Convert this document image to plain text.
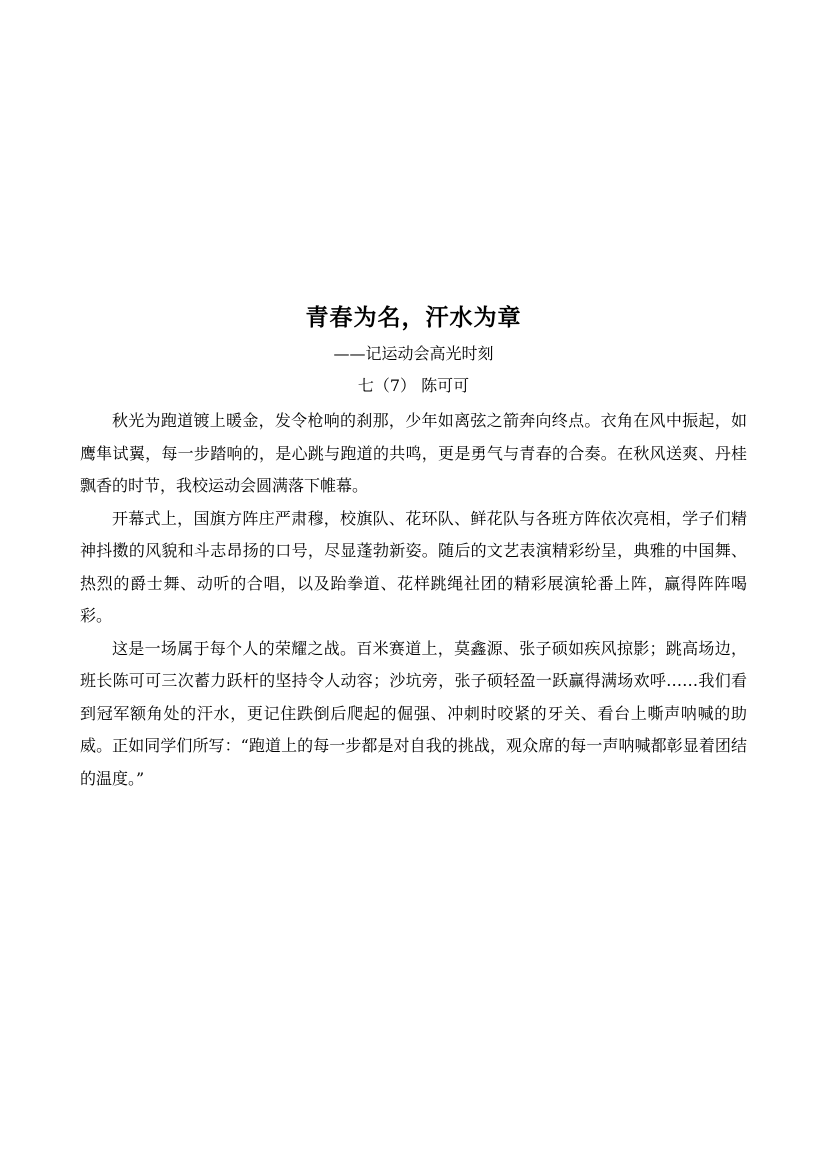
青春为名，汗水为章
——记运动会高光时刻
七（7） 陈可可

秋光为跑道镀上暖金，发令枪响的刹那，少年如离弦之箭奔向终点。衣角在风中振起，如鹰隼试翼，每一步踏响的，是心跳与跑道的共鸣，更是勇气与青春的合奏。在秋风送爽、丹桂飘香的时节，我校运动会圆满落下帷幕。

开幕式上，国旗方阵庄严肃穆，校旗队、花环队、鲜花队与各班方阵依次亮相，学子们精神抖擞的风貌和斗志昂扬的口号，尽显蓬勃新姿。随后的文艺表演精彩纷呈，典雅的中国舞、热烈的爵士舞、动听的合唱，以及跆拳道、花样跳绳社团的精彩展演轮番上阵，赢得阵阵喝彩。

这是一场属于每个人的荣耀之战。百米赛道上，莫鑫源、张子硕如疾风掠影；跳高场边，班长陈可可三次蓄力跃杆的坚持令人动容；沙坑旁，张子硕轻盈一跃赢得满场欢呼……我们看到冠军额角处的汗水，更记住跌倒后爬起的倔强、冲刺时咬紧的牙关、看台上嘶声呐喊的助威。正如同学们所写：“跑道上的每一步都是对自我的挑战，观众席的每一声呐喊都彰显着团结的温度。”
